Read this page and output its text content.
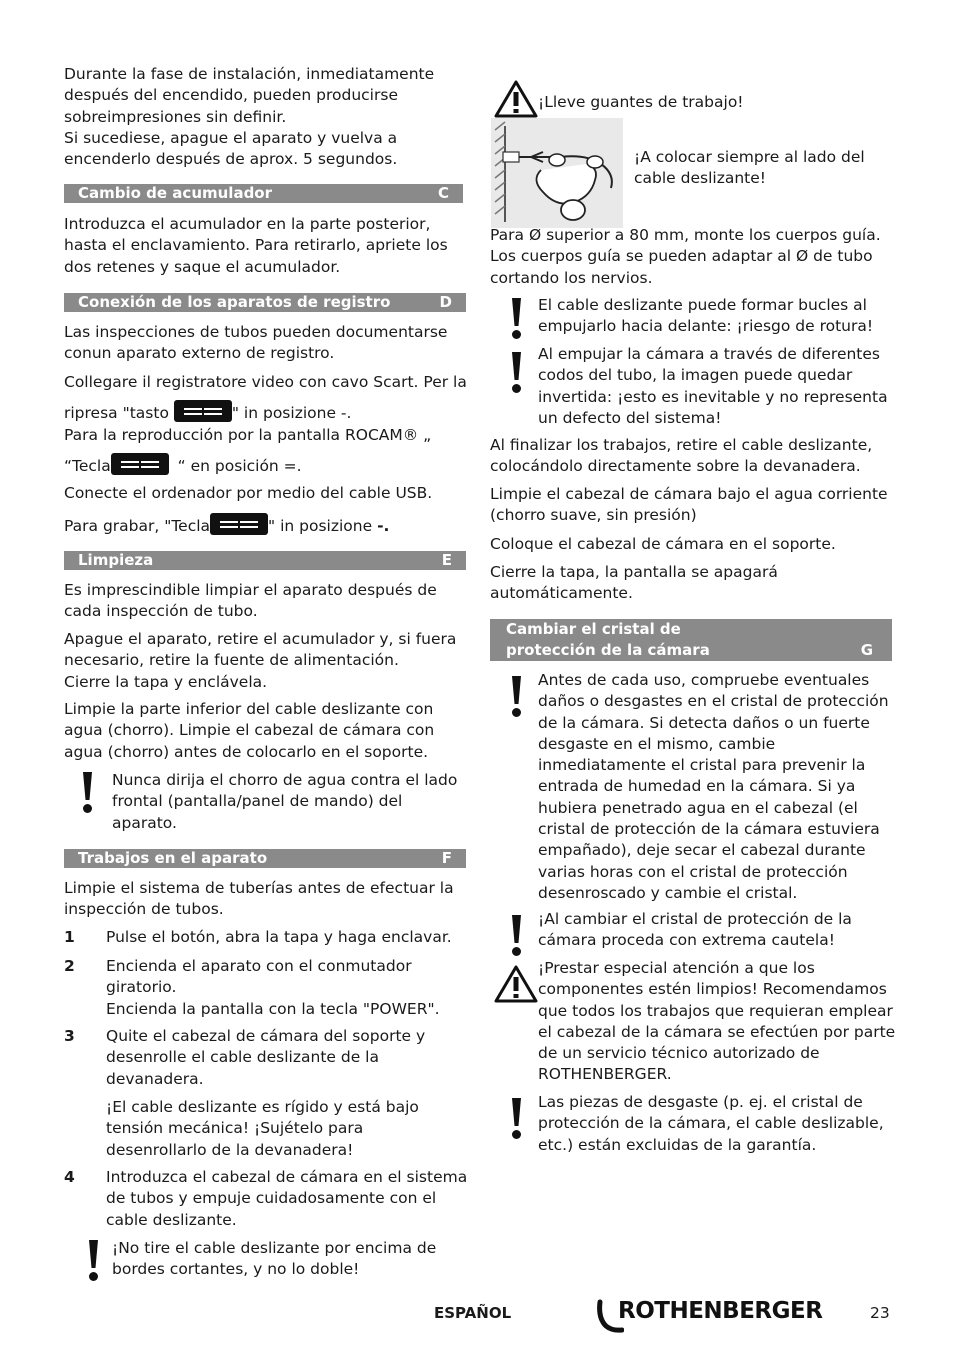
Durante la fase de instalación, inmediatamente
después del encendido, pueden producirse
sobreimpresiones sin definir.
Si sucediese, apague el aparato y vuelva a
encenderlo después de aprox. 5 segundos.
Cambio de acumulador	C
Introduzca el acumulador en la parte posterior,
hasta el enclavamiento. Para retirarlo, apriete los
dos retenes y saque el acumulador.
Conexión de los aparatos de registro	D
Las inspecciones de tubos pueden documentarse
conun aparato externo de registro.
Collegare il registratore video con cavo Scart. Per la
ripresa "tasto	" in posizione -.
Para la reproducción por la pantalla ROCAM® „
“Tecla	“ en posición =.
Conecte el ordenador por medio del cable USB.
Para grabar, "Tecla	" in posizione -.
Limpieza	E
Es imprescindible limpiar el aparato después de
cada inspección de tubo.
Apague el aparato, retire el acumulador y, si fuera
necesario, retire la fuente de alimentación.
Cierre la tapa y enclávela.
Limpie la parte inferior del cable deslizante con
agua (chorro). Limpie el cabezal de cámara con
agua (chorro) antes de colocarlo en el soporte.
Nunca dirija el chorro de agua contra el lado
frontal (pantalla/panel de mando) del
aparato.
Trabajos en el aparato	F
Limpie el sistema de tuberías antes de efectuar la
inspección de tubos.
1 Pulse el botón, abra la tapa y haga enclavar.
2 Encienda el aparato con el conmutador
giratorio.
Encienda la pantalla con la tecla "POWER".
3 Quite el cabezal de cámara del soporte y
desenrolle el cable deslizante de la
devanadera.
¡El cable deslizante es rígido y está bajo
tensión mecánica! ¡Sujételo para
desenrollarlo de la devanadera!
4 Introduzca el cabezal de cámara en el sistema
de tubos y empuje cuidadosamente con el
cable deslizante.
¡No tire el cable deslizante por encima de
bordes cortantes, y no lo doble!
¡Lleve guantes de trabajo!
¡A colocar siempre al lado del
cable deslizante!
Para Ø superior a 80 mm, monte los cuerpos guía.
Los cuerpos guía se pueden adaptar al Ø de tubo
cortando los nervios.
El cable deslizante puede formar bucles al
empujarlo hacia delante: ¡riesgo de rotura!
Al empujar la cámara a través de diferentes
codos del tubo, la imagen puede quedar
invertida: ¡esto es inevitable y no representa
un defecto del sistema!
Al finalizar los trabajos, retire el cable deslizante,
colocándolo directamente sobre la devanadera.
Limpie el cabezal de cámara bajo el agua corriente
(chorro suave, sin presión)
Coloque el cabezal de cámara en el soporte.
Cierre la tapa, la pantalla se apagará
automáticamente.
Cambiar el cristal de
protección de la cámara	G
Antes de cada uso, compruebe eventuales
daños o desgastes en el cristal de protección
de la cámara. Si detecta daños o un fuerte
desgaste en el mismo, cambie
inmediatamente el cristal para prevenir la
entrada de humedad en la cámara. Si ya
hubiera penetrado agua en el cabezal (el
cristal de protección de la cámara estuviera
empañado), deje secar el cabezal durante
varias horas con el cristal de protección
desenroscado y cambie el cristal.
¡Al cambiar el cristal de protección de la
cámara proceda con extrema cautela!
¡Prestar especial atención a que los
componentes estén limpios! Recomendamos
que todos los trabajos que requieran emplear
el cabezal de la cámara se efectúen por parte
de un servicio técnico autorizado de
ROTHENBERGER.
Las piezas de desgaste (p. ej. el cristal de
protección de la cámara, el cable deslizable,
etc.) están excluidas de la garantía.
ESPAÑOL	ROTHENBERGER	23
